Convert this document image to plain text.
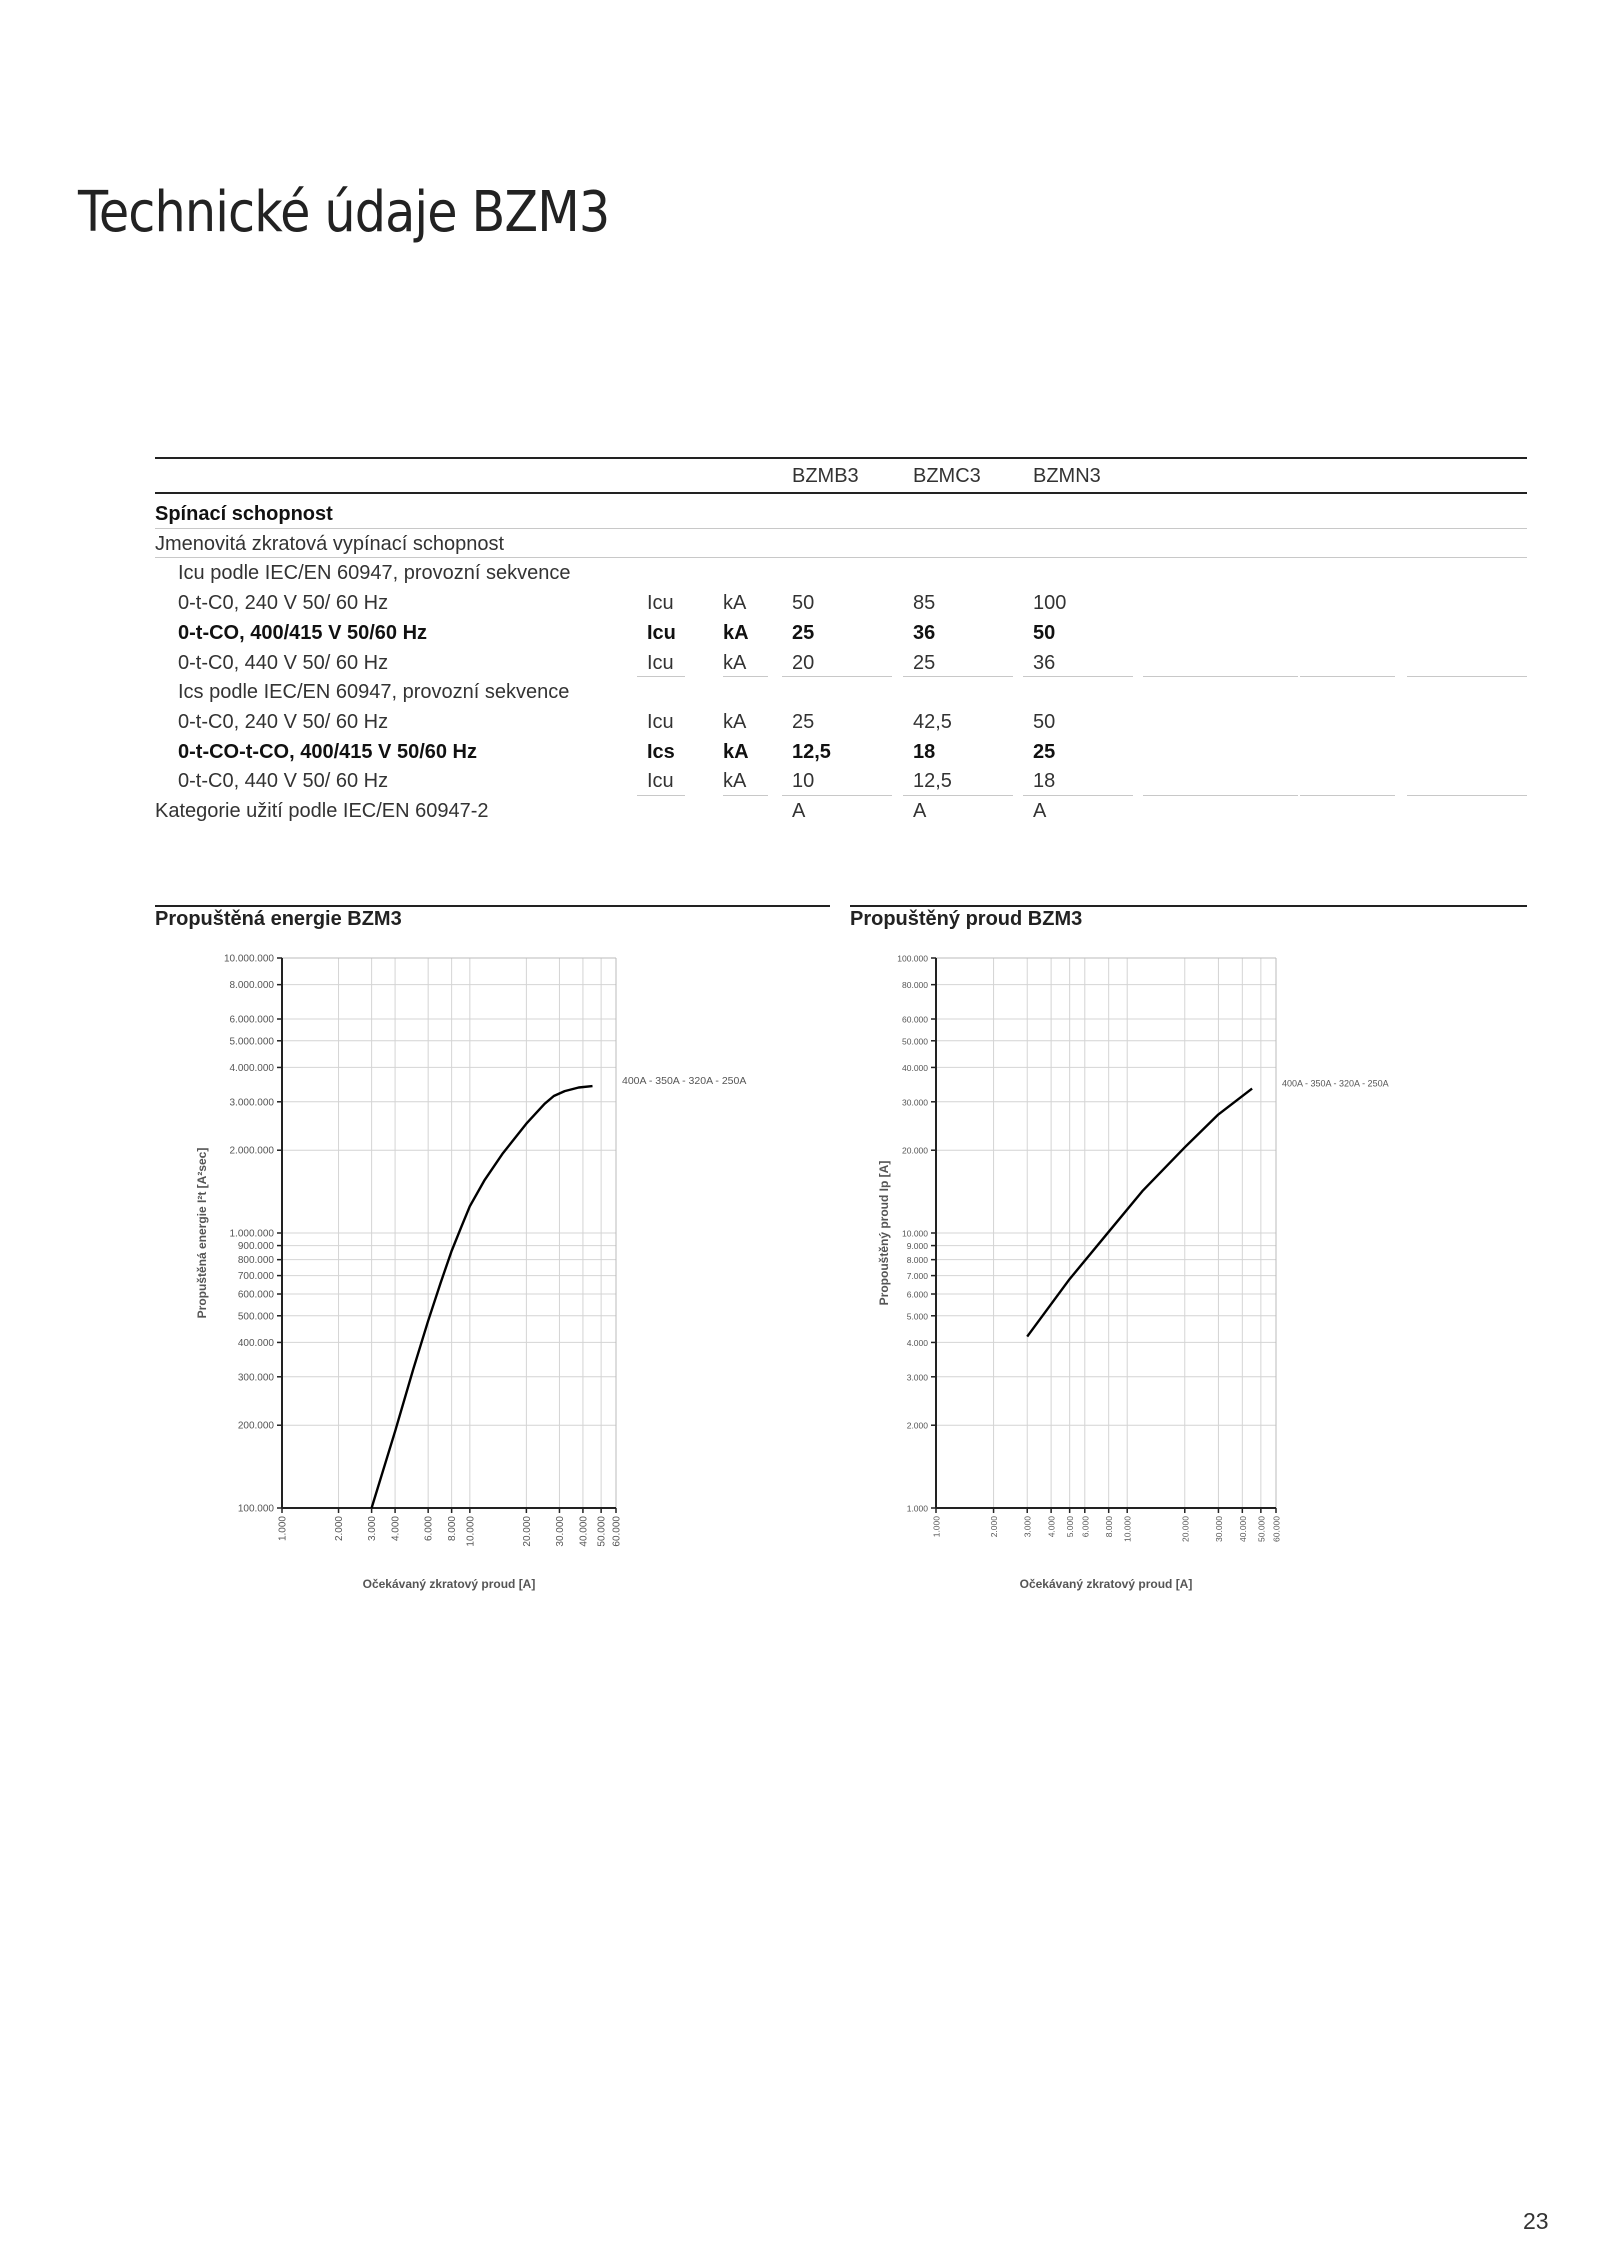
Technické údaje BZM3
BZMB3	BZMC3	BZMN3
Spínací schopnost
Jmenovitá zkratová vypínací schopnost
Icu podle IEC/EN 60947, provozní sekvence
0-t-C0, 240 V 50/ 60 Hz	Icu kA 50	85	100
0-t-CO, 400/415 V 50/60 Hz	Icu kA 25	36	50
0-t-C0, 440 V 50/ 60 Hz	Icu kA 20	25	36
Ics podle IEC/EN 60947, provozní sekvence
0-t-C0, 240 V 50/ 60 Hz	Icu kA 25	42,5	50
0-t-CO-t-CO, 400/415 V 50/60 Hz	Ics kA 12,5	18	25
0-t-C0, 440 V 50/ 60 Hz	Icu kA 10	12,5	18
Kategorie užití podle IEC/EN 60947-2	A	A	A
Propuštěná energie BZM3
100.000
200.000
300.000
400.000
500.000
600.000
700.000
800.000
900.000
1.000.000
2.000.000
3.000.000
4.000.000
5.000.000
6.000.000
8.000.000
10.000.000
1.000	2.000 3.000 4.000 6.000 8.000 10.000	20.000 30.000 40.000 50.000 60.000
400A - 350A - 320A - 250A
Očekávaný zkratový proud [A]
Propuštěná energie I²t [A²sec]
Propuštěný proud BZM3
1.000
2.000
3.000
4.000
5.000
6.000
7.000
8.000
9.000
10.000
20.000
30.000
40.000
50.000
60.000
80.000
100.000
1.000	2.000	3.000 4.000 5.000 6.000 8.000 10.000	20.000	30.000 40.000 50.000 60.000
400A - 350A - 320A - 250A
Očekávaný zkratový proud [A]
Propouštěný proud Ip [A]
23
